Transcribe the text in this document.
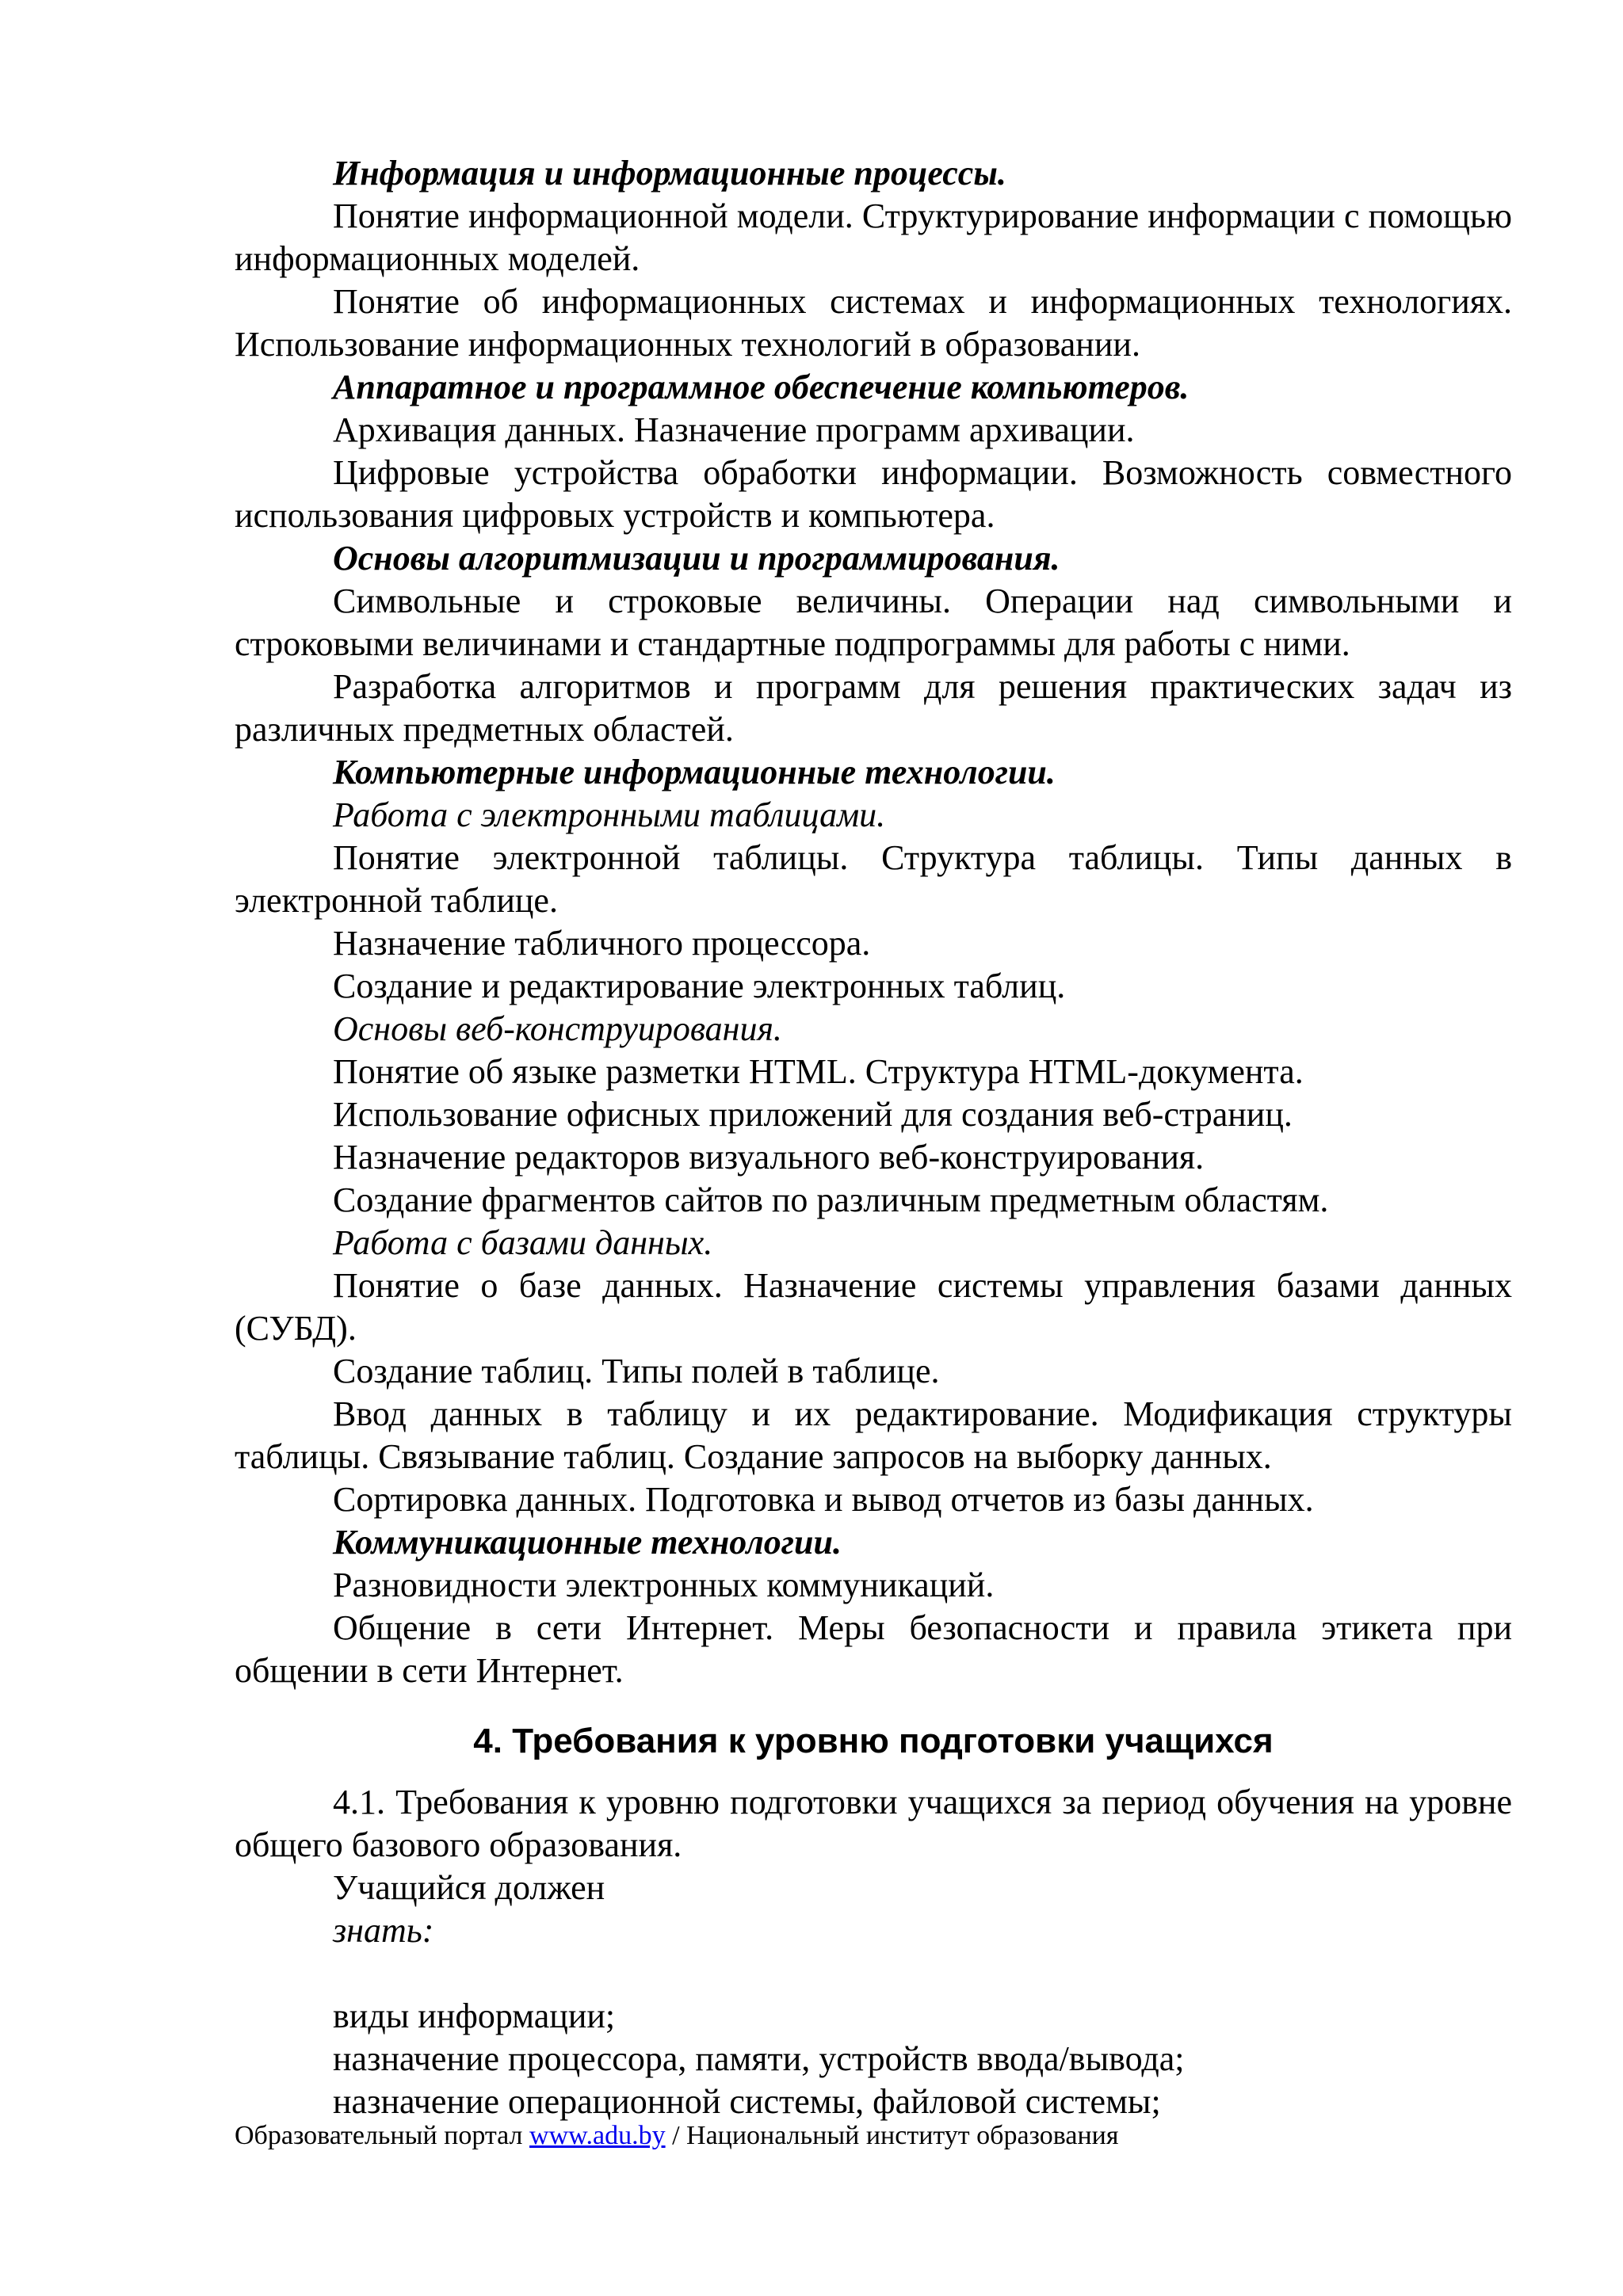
Информация и информационные процессы.

Понятие информационной модели. Структурирование информации с помощью информационных моделей.

Понятие об информационных системах и информационных технологиях. Использование информационных технологий в образовании.

Аппаратное и программное обеспечение компьютеров.

Архивация данных. Назначение программ архивации.

Цифровые устройства обработки информации. Возможность совместного использования цифровых устройств и компьютера.

Основы алгоритмизации и программирования.

Символьные и строковые величины. Операции над символьными и строковыми величинами и стандартные подпрограммы для работы с ними.

Разработка алгоритмов и программ для решения практических задач из различных предметных областей.

Компьютерные информационные технологии.

Работа с электронными таблицами.

Понятие электронной таблицы. Структура таблицы. Типы данных в электронной таблице.

Назначение табличного процессора.

Создание и редактирование электронных таблиц.

Основы веб-конструирования.

Понятие об языке разметки HTML. Структура HTML-документа.

Использование офисных приложений для создания веб-страниц.

Назначение редакторов визуального веб-конструирования.

Создание фрагментов сайтов по различным предметным областям.

Работа с базами данных.

Понятие о базе данных. Назначение системы управления базами данных (СУБД).

Создание таблиц. Типы полей в таблице.

Ввод данных в таблицу и их редактирование. Модификация структуры таблицы. Связывание таблиц. Создание запросов на выборку данных.

Сортировка данных. Подготовка и вывод отчетов из базы данных.

Коммуникационные технологии.

Разновидности электронных коммуникаций.

Общение в сети Интернет. Меры безопасности и правила этикета при общении в сети Интернет.

4. Требования к уровню подготовки учащихся

4.1. Требования к уровню подготовки учащихся за период обучения на уровне общего базового образования.

Учащийся должен

знать:

виды информации;

назначение процессора, памяти, устройств ввода/вывода;

назначение операционной системы, файловой системы;

Образовательный портал www.adu.by / Национальный институт образования
